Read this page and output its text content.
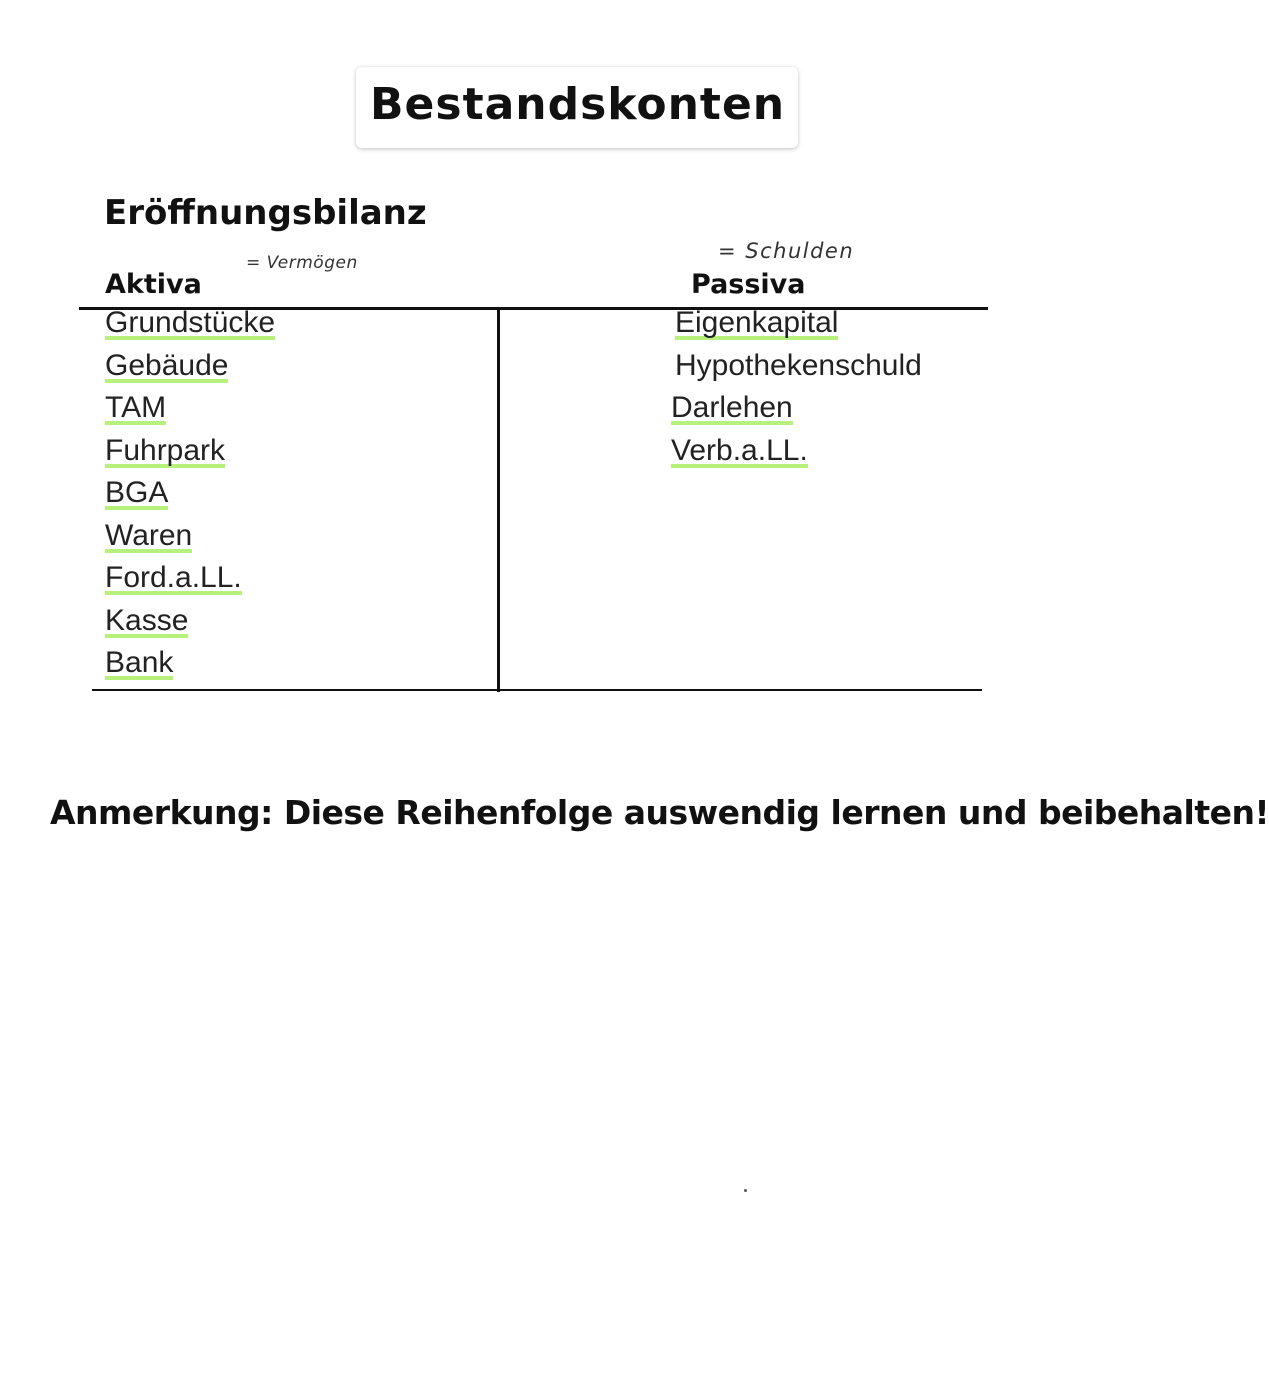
Bestandskonten
Eröffnungsbilanz
= Vermögen	= Schulden
Aktiva	Passiva
Grundstücke
Gebäude
TAM
Fuhrpark
BGA
Waren
Ford.a.LL.
Kasse
Bank
Eigenkapital
Hypothekenschuld
Darlehen
Verb.a.LL.
Anmerkung: Diese Reihenfolge auswendig lernen und beibehalten!
